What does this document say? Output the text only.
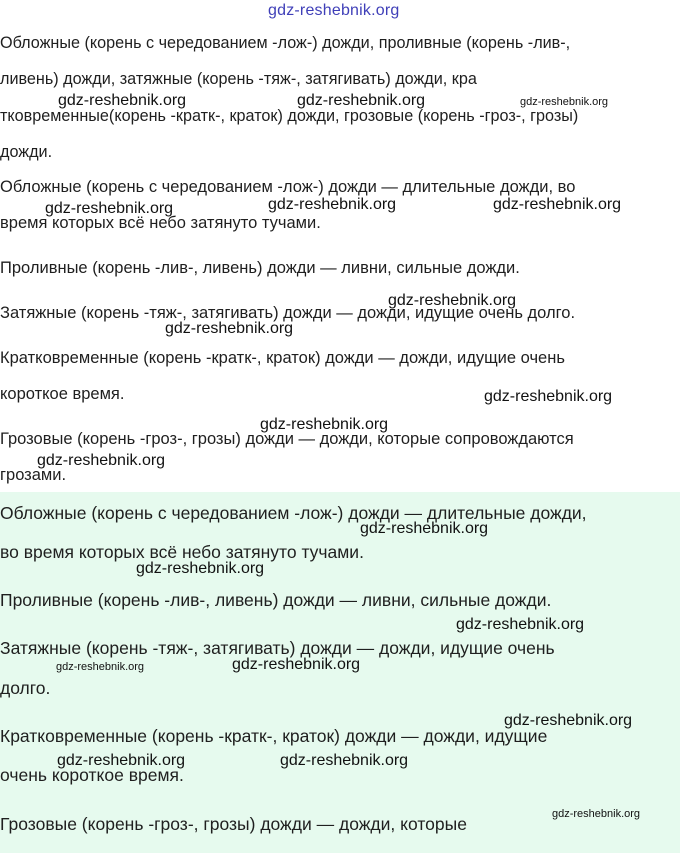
gdz-reshebnik.org

Обл​ожные (корень с чередованием -лож-) дожди, прол​ивные (корень -лив-,

ливень) дожди, зат​яжные (корень -тяж-, затягивать) дожди, кра

тковременные(корень -кратк-, краток) дожди, гр​озовые (корень -гроз-, грозы)

дожди.

Обложные (корень с чередованием -лож-) дожди — длительные дожди, во

время которых всё небо затянуто тучами.

Проливные (корень -лив-, ливень) дожди — ливни, сильные дожди.

Затяжные (корень -тяж-, затягивать) дожди — дожди, идущие очень долго.

Кратковременные (корень -кратк-, краток) дожди — дожди, идущие очень

короткое время.

Грозовые (корень -гроз-, грозы) дожди — дожди, которые сопровождаются

грозами.

Обложные (корень с чередованием -лож-) дожди — длительные дожди,

во время которых всё небо затянуто тучами.

Проливные (корень -лив-, ливень) дожди — ливни, сильные дожди.

Затяжные (корень -тяж-, затягивать) дожди — дожди, идущие очень

долго.

Кратковременные (корень -кратк-, краток) дожди — дожди, идущие

очень короткое время.

Грозовые (корень -гроз-, грозы) дожди — дожди, которые

gdz-reshebnik.org	gdz-reshebnik.org	gdz-reshebnik.org
gdz-reshebnik.org	gdz-reshebnik.org	gdz-reshebnik.org
gdz-reshebnik.org
gdz-reshebnik.org
gdz-reshebnik.org
gdz-reshebnik.org
gdz-reshebnik.org
gdz-reshebnik.org
gdz-reshebnik.org
gdz-reshebnik.org
gdz-reshebnik.org	gdz-reshebnik.org
gdz-reshebnik.org
gdz-reshebnik.org	gdz-reshebnik.org
gdz-reshebnik.org
